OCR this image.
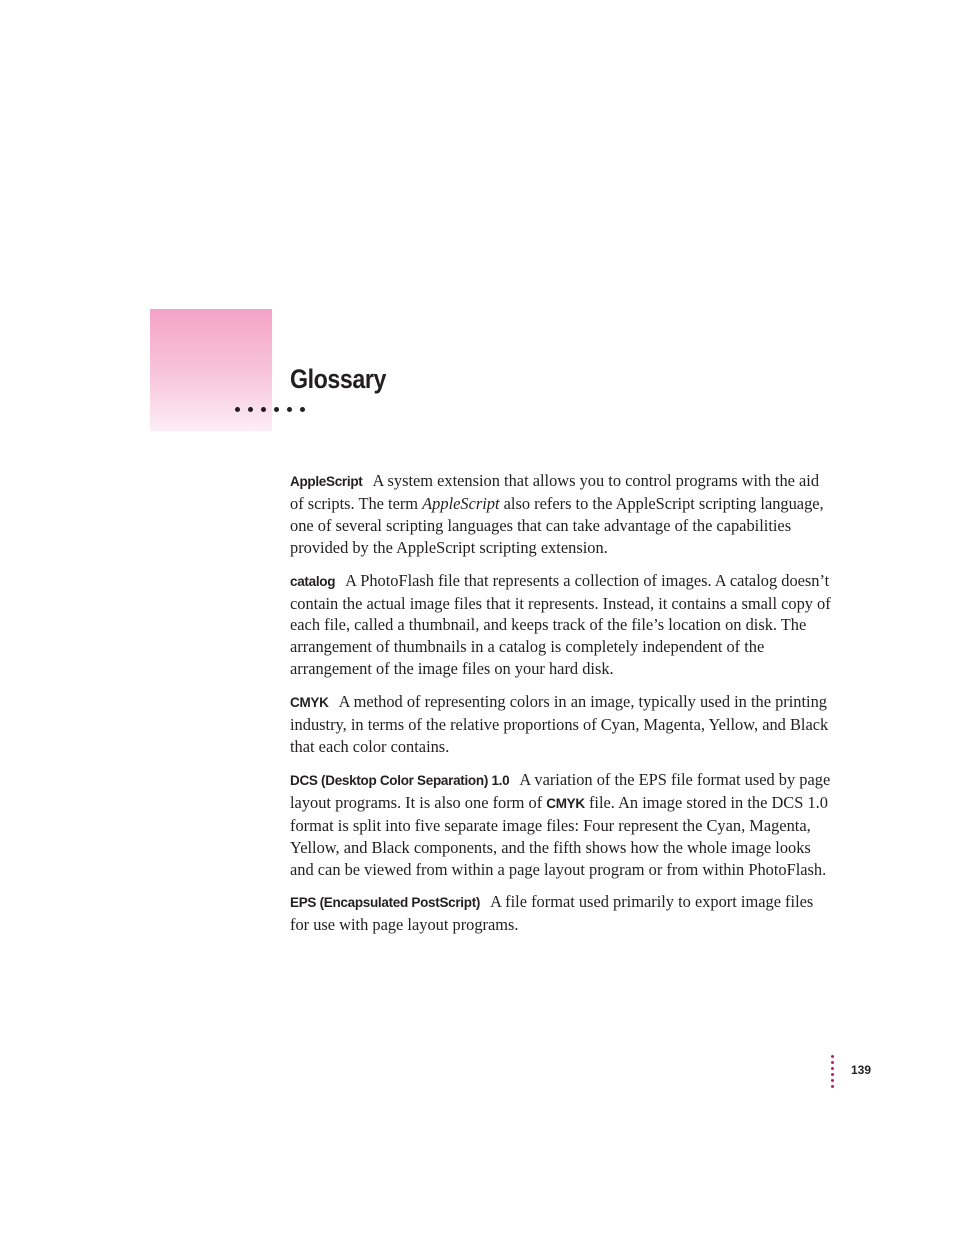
Glossary

AppleScript A system extension that allows you to control programs with the aid of scripts. The term AppleScript also refers to the AppleScript scripting language, one of several scripting languages that can take advantage of the capabilities provided by the AppleScript scripting extension.

catalog A PhotoFlash file that represents a collection of images. A catalog doesn’t contain the actual image files that it represents. Instead, it contains a small copy of each file, called a thumbnail, and keeps track of the file’s location on disk. The arrangement of thumbnails in a catalog is completely independent of the arrangement of the image files on your hard disk.

CMYK A method of representing colors in an image, typically used in the printing industry, in terms of the relative proportions of Cyan, Magenta, Yellow, and Black that each color contains.

DCS (Desktop Color Separation) 1.0 A variation of the EPS file format used by page layout programs. It is also one form of CMYK file. An image stored in the DCS 1.0 format is split into five separate image files: Four represent the Cyan, Magenta, Yellow, and Black components, and the fifth shows how the whole image looks and can be viewed from within a page layout program or from within PhotoFlash.

EPS (Encapsulated PostScript) A file format used primarily to export image files for use with page layout programs.

139
